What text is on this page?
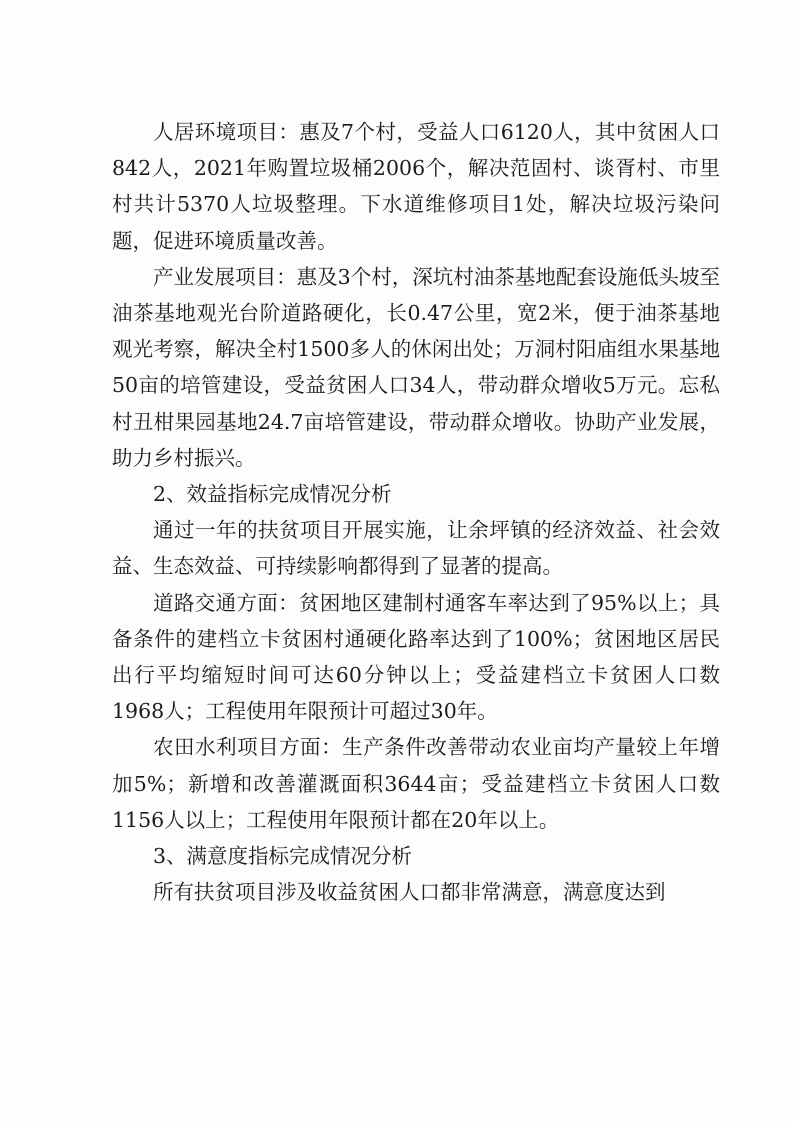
人居环境项目：惠及7个村，受益人口6120人，其中贫困人口842人，2021年购置垃圾桶2006个，解决范固村、谈胥村、市里村共计5370人垃圾整理。下水道维修项目1处，解决垃圾污染问题，促进环境质量改善。

产业发展项目：惠及3个村，深坑村油茶基地配套设施低头坡至油茶基地观光台阶道路硬化，长0.47公里，宽2米，便于油茶基地观光考察，解决全村1500多人的休闲出处；万洞村阳庙组水果基地50亩的培管建设，受益贫困人口34人，带动群众增收5万元。忘私村丑柑果园基地24.7亩培管建设，带动群众增收。协助产业发展，助力乡村振兴。

2、效益指标完成情况分析

通过一年的扶贫项目开展实施，让余坪镇的经济效益、社会效益、生态效益、可持续影响都得到了显著的提高。

道路交通方面：贫困地区建制村通客车率达到了95%以上；具备条件的建档立卡贫困村通硬化路率达到了100%；贫困地区居民出行平均缩短时间可达60分钟以上；受益建档立卡贫困人口数1968人；工程使用年限预计可超过30年。

农田水利项目方面：生产条件改善带动农业亩均产量较上年增加5%；新增和改善灌溉面积3644亩；受益建档立卡贫困人口数1156人以上；工程使用年限预计都在20年以上。

3、满意度指标完成情况分析

所有扶贫项目涉及收益贫困人口都非常满意，满意度达到
